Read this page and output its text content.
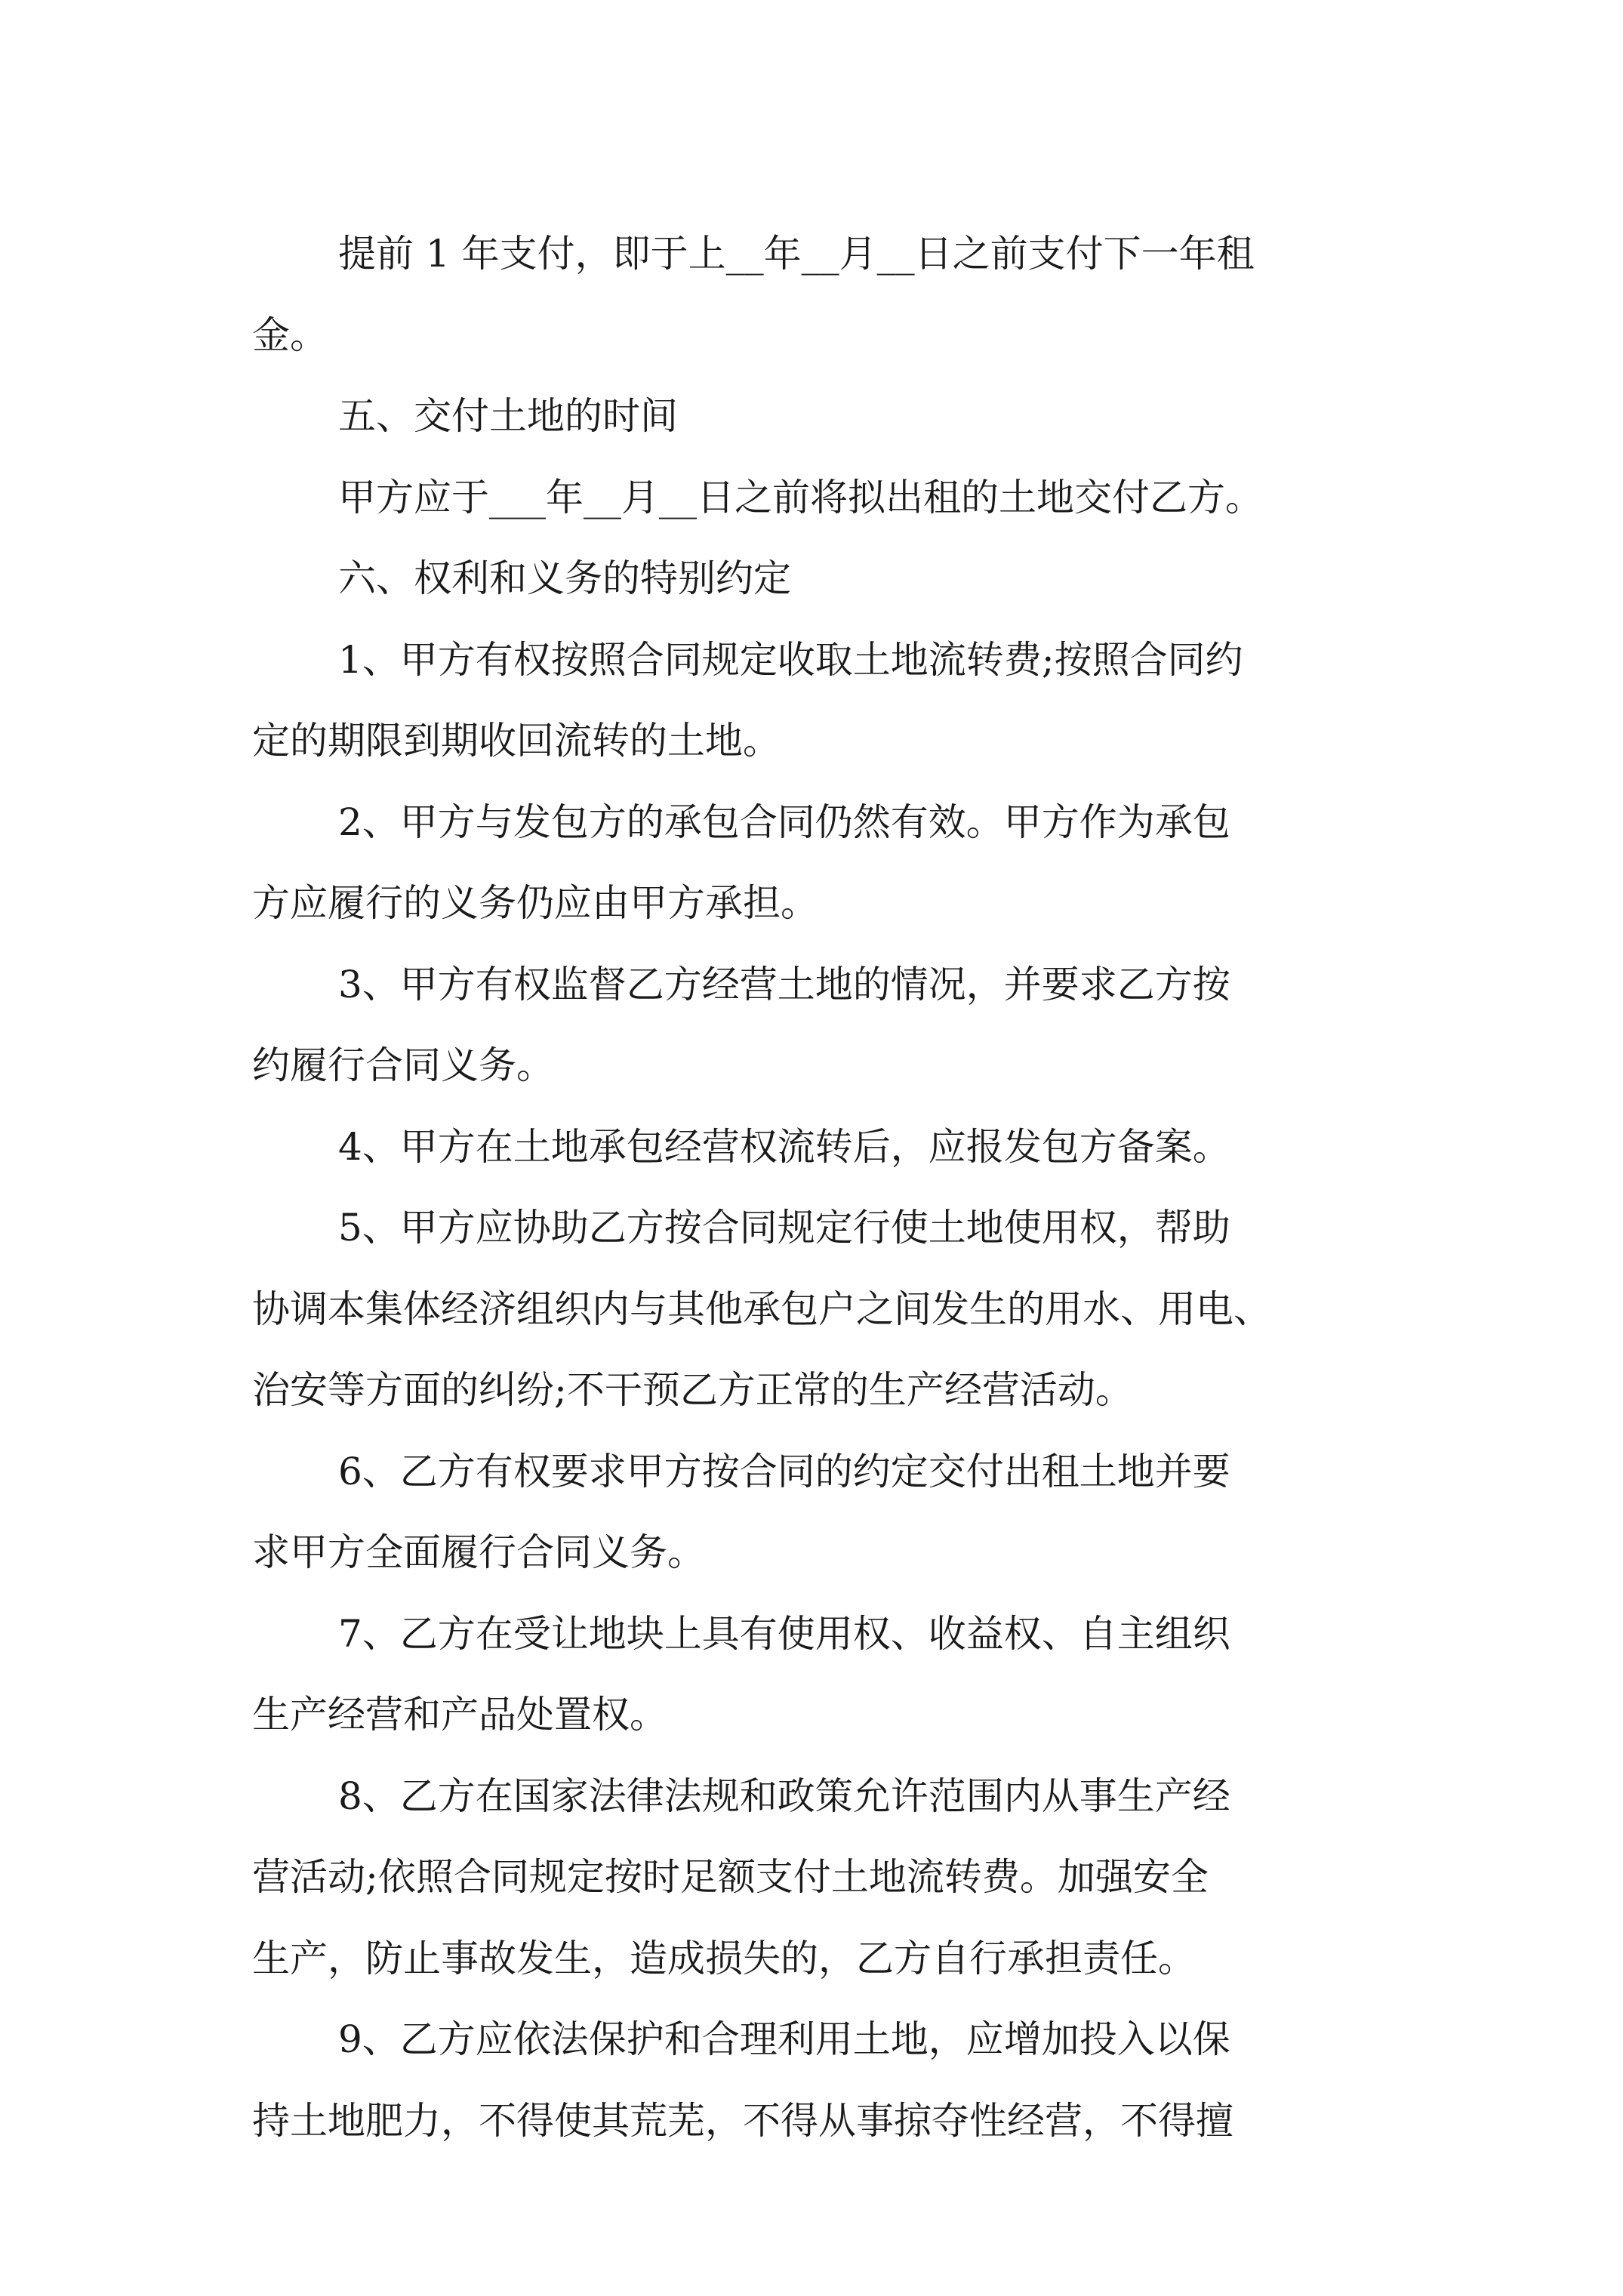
提前 1 年支付，即于上__年__月__日之前支付下一年租
金。
五、交付土地的时间
甲方应于___年__月__日之前将拟出租的土地交付乙方。
六、权利和义务的特别约定
1、甲方有权按照合同规定收取土地流转费;按照合同约
定的期限到期收回流转的土地。
2、甲方与发包方的承包合同仍然有效。甲方作为承包
方应履行的义务仍应由甲方承担。
3、甲方有权监督乙方经营土地的情况，并要求乙方按
约履行合同义务。
4、甲方在土地承包经营权流转后，应报发包方备案。
5、甲方应协助乙方按合同规定行使土地使用权，帮助
协调本集体经济组织内与其他承包户之间发生的用水、用电、
治安等方面的纠纷;不干预乙方正常的生产经营活动。
6、乙方有权要求甲方按合同的约定交付出租土地并要
求甲方全面履行合同义务。
7、乙方在受让地块上具有使用权、收益权、自主组织
生产经营和产品处置权。
8、乙方在国家法律法规和政策允许范围内从事生产经
营活动;依照合同规定按时足额支付土地流转费。加强安全
生产，防止事故发生，造成损失的，乙方自行承担责任。
9、乙方应依法保护和合理利用土地，应增加投入以保
持土地肥力，不得使其荒芜，不得从事掠夺性经营，不得擅
